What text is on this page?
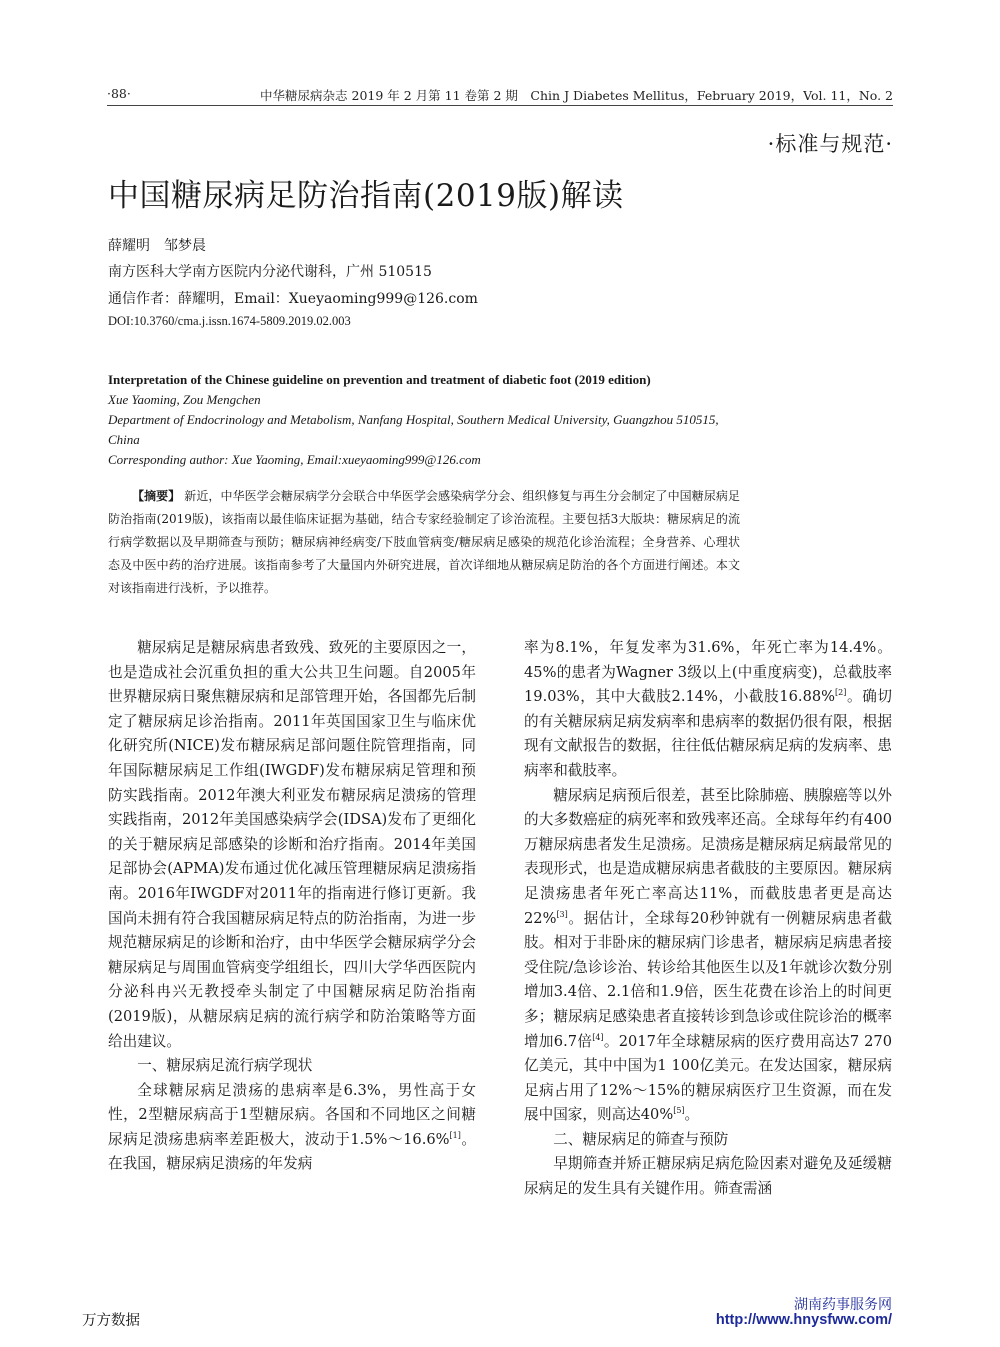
·88·	中华糖尿病杂志 2019 年 2 月第 11 卷第 2 期　Chin J Diabetes Mellitus，February 2019，Vol. 11，No. 2
·标准与规范·
中国糖尿病足防治指南(2019版)解读
薛耀明　邹梦晨
南方医科大学南方医院内分泌代谢科，广州 510515
通信作者：薛耀明，Email：Xueyaoming999@126.com
DOI:10.3760/cma.j.issn.1674-5809.2019.02.003
Interpretation of the Chinese guideline on prevention and treatment of diabetic foot (2019 edition)
Xue Yaoming, Zou Mengchen
Department of Endocrinology and Metabolism, Nanfang Hospital, Southern Medical University, Guangzhou 510515, China
Corresponding author: Xue Yaoming, Email:xueyaoming999@126.com
【摘要】 新近，中华医学会糖尿病学分会联合中华医学会感染病学分会、组织修复与再生分会制定了中国糖尿病足防治指南(2019版)，该指南以最佳临床证据为基础，结合专家经验制定了诊治流程。主要包括3大版块：糖尿病足的流行病学数据以及早期筛查与预防；糖尿病神经病变/下肢血管病变/糖尿病足感染的规范化诊治流程；全身营养、心理状态及中医中药的治疗进展。该指南参考了大量国内外研究进展，首次详细地从糖尿病足防治的各个方面进行阐述。本文对该指南进行浅析，予以推荐。

糖尿病足是糖尿病患者致残、致死的主要原因之一，也是造成社会沉重负担的重大公共卫生问题。自2005年世界糖尿病日聚焦糖尿病和足部管理开始，各国都先后制定了糖尿病足诊治指南。2011年英国国家卫生与临床优化研究所(NICE)发布糖尿病足部问题住院管理指南，同年国际糖尿病足工作组(IWGDF)发布糖尿病足管理和预防实践指南。2012年澳大利亚发布糖尿病足溃疡的管理实践指南，2012年美国感染病学会(IDSA)发布了更细化的关于糖尿病足部感染的诊断和治疗指南。2014年美国足部协会(APMA)发布通过优化减压管理糖尿病足溃疡指南。2016年IWGDF对2011年的指南进行修订更新。我国尚未拥有符合我国糖尿病足特点的防治指南，为进一步规范糖尿病足的诊断和治疗，由中华医学会糖尿病学分会糖尿病足与周围血管病变学组组长，四川大学华西医院内分泌科冉兴无教授牵头制定了中国糖尿病足防治指南(2019版)，从糖尿病足病的流行病学和防治策略等方面给出建议。

一、糖尿病足流行病学现状

全球糖尿病足溃疡的患病率是6.3%，男性高于女性，2型糖尿病高于1型糖尿病。各国和不同地区之间糖尿病足溃疡患病率差距极大，波动于1.5%～16.6%[1]。在我国，糖尿病足溃疡的年发病

率为8.1%，年复发率为31.6%，年死亡率为14.4%。45%的患者为Wagner 3级以上(中重度病变)，总截肢率19.03%，其中大截肢2.14%，小截肢16.88%[2]。确切的有关糖尿病足病发病率和患病率的数据仍很有限，根据现有文献报告的数据，往往低估糖尿病足病的发病率、患病率和截肢率。

糖尿病足病预后很差，甚至比除肺癌、胰腺癌等以外的大多数癌症的病死率和致残率还高。全球每年约有400万糖尿病患者发生足溃疡。足溃疡是糖尿病足病最常见的表现形式，也是造成糖尿病患者截肢的主要原因。糖尿病足溃疡患者年死亡率高达11%，而截肢患者更是高达22%[3]。据估计，全球每20秒钟就有一例糖尿病患者截肢。相对于非卧床的糖尿病门诊患者，糖尿病足病患者接受住院/急诊诊治、转诊给其他医生以及1年就诊次数分别增加3.4倍、2.1倍和1.9倍，医生花费在诊治上的时间更多；糖尿病足感染患者直接转诊到急诊或住院诊治的概率增加6.7倍[4]。2017年全球糖尿病的医疗费用高达7 270亿美元，其中中国为1 100亿美元。在发达国家，糖尿病足病占用了12%～15%的糖尿病医疗卫生资源，而在发展中国家，则高达40%[5]。

二、糖尿病足的筛查与预防

早期筛查并矫正糖尿病足病危险因素对避免及延缓糖尿病足的发生具有关键作用。筛查需涵

万方数据
湖南药事服务网
http://www.hnysfww.com/
